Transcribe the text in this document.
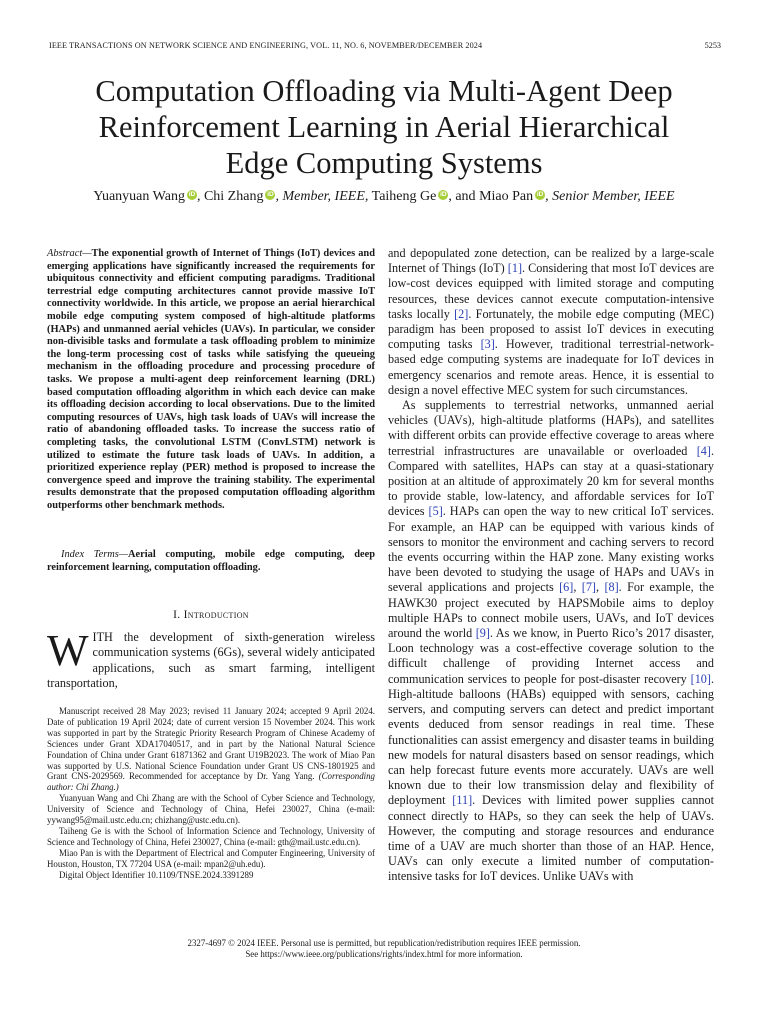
IEEE TRANSACTIONS ON NETWORK SCIENCE AND ENGINEERING, VOL. 11, NO. 6, NOVEMBER/DECEMBER 2024	5253
Computation Offloading via Multi-Agent Deep
Reinforcement Learning in Aerial Hierarchical
Edge Computing Systems
Yuanyuan Wang iD , Chi Zhang iD , Member, IEEE, Taiheng Ge iD , and Miao Pan iD , Senior Member, IEEE
Abstract—The exponential growth of Internet of Things (IoT) devices and emerging applications have significantly increased the requirements for ubiquitous connectivity and efficient computing paradigms. Traditional terrestrial edge computing architectures cannot provide massive IoT connectivity worldwide. In this article, we propose an aerial hierarchical mobile edge computing system composed of high-altitude platforms (HAPs) and unmanned aerial vehicles (UAVs). In particular, we consider non-divisible tasks and formulate a task offloading problem to minimize the long-term processing cost of tasks while satisfying the queueing mechanism in the offloading procedure and processing procedure of tasks. We propose a multi-agent deep reinforcement learning (DRL) based computation offloading algorithm in which each device can make its offloading decision according to local observations. Due to the limited computing resources of UAVs, high task loads of UAVs will increase the ratio of abandoning offloaded tasks. To increase the success ratio of completing tasks, the convolutional LSTM (ConvLSTM) network is utilized to estimate the future task loads of UAVs. In addition, a prioritized experience replay (PER) method is proposed to increase the convergence speed and improve the training stability. The experimental results demonstrate that the proposed computation offloading algorithm outperforms other benchmark methods.
Index Terms—Aerial computing, mobile edge computing, deep reinforcement learning, computation offloading.
I. Introduction
WITH the development of sixth-generation wireless communication systems (6Gs), several widely anticipated applications, such as smart farming, intelligent transportation,

Manuscript received 28 May 2023; revised 11 January 2024; accepted 9 April 2024. Date of publication 19 April 2024; date of current version 15 November 2024. This work was supported in part by the Strategic Priority Research Program of Chinese Academy of Sciences under Grant XDA17040517, and in part by the National Natural Science Foundation of China under Grant 61871362 and Grant U19B2023. The work of Miao Pan was supported by U.S. National Science Foundation under Grant US CNS-1801925 and Grant CNS-2029569. Recommended for acceptance by Dr. Yang Yang. (Corresponding author: Chi Zhang.)

Yuanyuan Wang and Chi Zhang are with the School of Cyber Science and Technology, University of Science and Technology of China, Hefei 230027, China (e-mail: yywang95@mail.ustc.edu.cn; chizhang@ustc.edu.cn).

Taiheng Ge is with the School of Information Science and Technology, University of Science and Technology of China, Hefei 230027, China (e-mail: gth@mail.ustc.edu.cn).

Miao Pan is with the Department of Electrical and Computer Engineering, University of Houston, Houston, TX 77204 USA (e-mail: mpan2@uh.edu).

Digital Object Identifier 10.1109/TNSE.2024.3391289

and depopulated zone detection, can be realized by a large-scale Internet of Things (IoT) [1]. Considering that most IoT devices are low-cost devices equipped with limited storage and computing resources, these devices cannot execute computation-intensive tasks locally [2]. Fortunately, the mobile edge computing (MEC) paradigm has been proposed to assist IoT devices in executing computing tasks [3]. However, traditional terrestrial-network-based edge computing systems are inadequate for IoT devices in emergency scenarios and remote areas. Hence, it is essential to design a novel effective MEC system for such circumstances.

As supplements to terrestrial networks, unmanned aerial vehicles (UAVs), high-altitude platforms (HAPs), and satellites with different orbits can provide effective coverage to areas where terrestrial infrastructures are unavailable or overloaded [4]. Compared with satellites, HAPs can stay at a quasi-stationary position at an altitude of approximately 20 km for several months to provide stable, low-latency, and affordable services for IoT devices [5]. HAPs can open the way to new critical IoT services. For example, an HAP can be equipped with various kinds of sensors to monitor the environment and caching servers to record the events occurring within the HAP zone. Many existing works have been devoted to studying the usage of HAPs and UAVs in several applications and projects [6], [7], [8]. For example, the HAWK30 project executed by HAPSMobile aims to deploy multiple HAPs to connect mobile users, UAVs, and IoT devices around the world [9]. As we know, in Puerto Rico’s 2017 disaster, Loon technology was a cost-effective coverage solution to the difficult challenge of providing Internet access and communication services to people for post-disaster recovery [10]. High-altitude balloons (HABs) equipped with sensors, caching servers, and computing servers can detect and predict important events deduced from sensor readings in real time. These functionalities can assist emergency and disaster teams in building new models for natural disasters based on sensor readings, which can help forecast future events more accurately. UAVs are well known due to their low transmission delay and flexibility of deployment [11]. Devices with limited power supplies cannot connect directly to HAPs, so they can seek the help of UAVs. However, the computing and storage resources and endurance time of a UAV are much shorter than those of an HAP. Hence, UAVs can only execute a limited number of computation-intensive tasks for IoT devices. Unlike UAVs with

2327-4697 © 2024 IEEE. Personal use is permitted, but republication/redistribution requires IEEE permission.
See https://www.ieee.org/publications/rights/index.html for more information.
